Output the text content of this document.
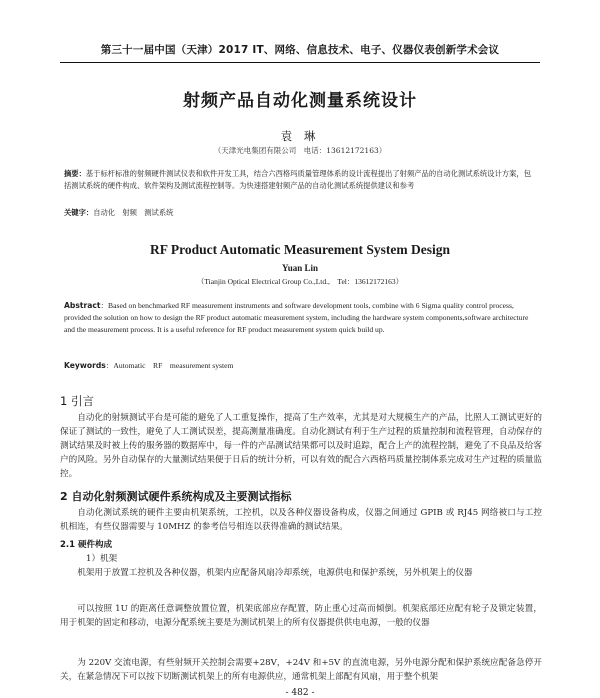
第三十一届中国（天津）2017 IT、网络、信息技术、电子、仪器仪表创新学术会议
射频产品自动化测量系统设计
袁 琳
（天津光电集团有限公司　电话：13612172163）
摘要：基于标杆标准的射频硬件测试仪表和软件开发工具，结合六西格玛质量管理体系的设计流程提出了射频产品的自动化测试系统设计方案，包括测试系统的硬件构成、软件架构及测试流程控制等。为快速搭建射频产品的自动化测试系统提供建议和参考
关键字：自动化　射频　测试系统
RF Product Automatic Measurement System Design
Yuan Lin
（Tianjin Optical Electrical Group Co.,Ltd.,　Tel：13612172163）
Abstract：Based on benchmarked RF measurement instruments and software development tools, combine with 6 Sigma quality control process, provided the solution on how to design the RF product automatic measurement system, including the hardware system components,software architecture and the measurement process. It is a useful reference for RF product measurement system quick build up.
Keywords：Automatic　RF　measurement system
1 引言
自动化的射频测试平台是可能的避免了人工重复操作，提高了生产效率，尤其是对大规模生产的产品，比照人工测试更好的保证了测试的一致性，避免了人工测试误差，提高测量准确度。自动化测试有利于生产过程的质量控制和流程管理，自动保存的测试结果及时被上传的服务器的数据库中，每一件的产品测试结果都可以及时追踪，配合上产的流程控制，避免了不良品及给客户的风险。另外自动保存的大量测试结果便于日后的统计分析，可以有效的配合六西格玛质量控制体系完成对生产过程的质量监控。
2 自动化射频测试硬件系统构成及主要测试指标
自动化测试系统的硬件主要由机架系统，工控机，以及各种仪器设备构成，仪器之间通过 GPIB 或 RJ45 网络被口与工控机相连，有些仪器需要与 10MHZ 的参考信号相连以获得准确的测试结果。
2.1 硬件构成
1）机架
机架用于放置工控机及各种仪器，机架内应配备风扇冷却系统，电源供电和保护系统，另外机架上的仪器
可以按照 1U 的距离任意调整放置位置，机架底部应存配置，防止重心过高而倾倒。机架底部还应配有轮子及锁定装置，用于机架的固定和移动，电源分配系统主要是为测试机架上的所有仪器提供供电电源，一般的仪器
为 220V 交流电源，有些射频开关控制会需要+28V，+24V 和+5V 的直流电源，另外电源分配和保护系统应配备急停开关，在紧急情况下可以按下切断测试机架上的所有电源供应，通常机架上部配有风扇，用于整个机架
- 482 -
